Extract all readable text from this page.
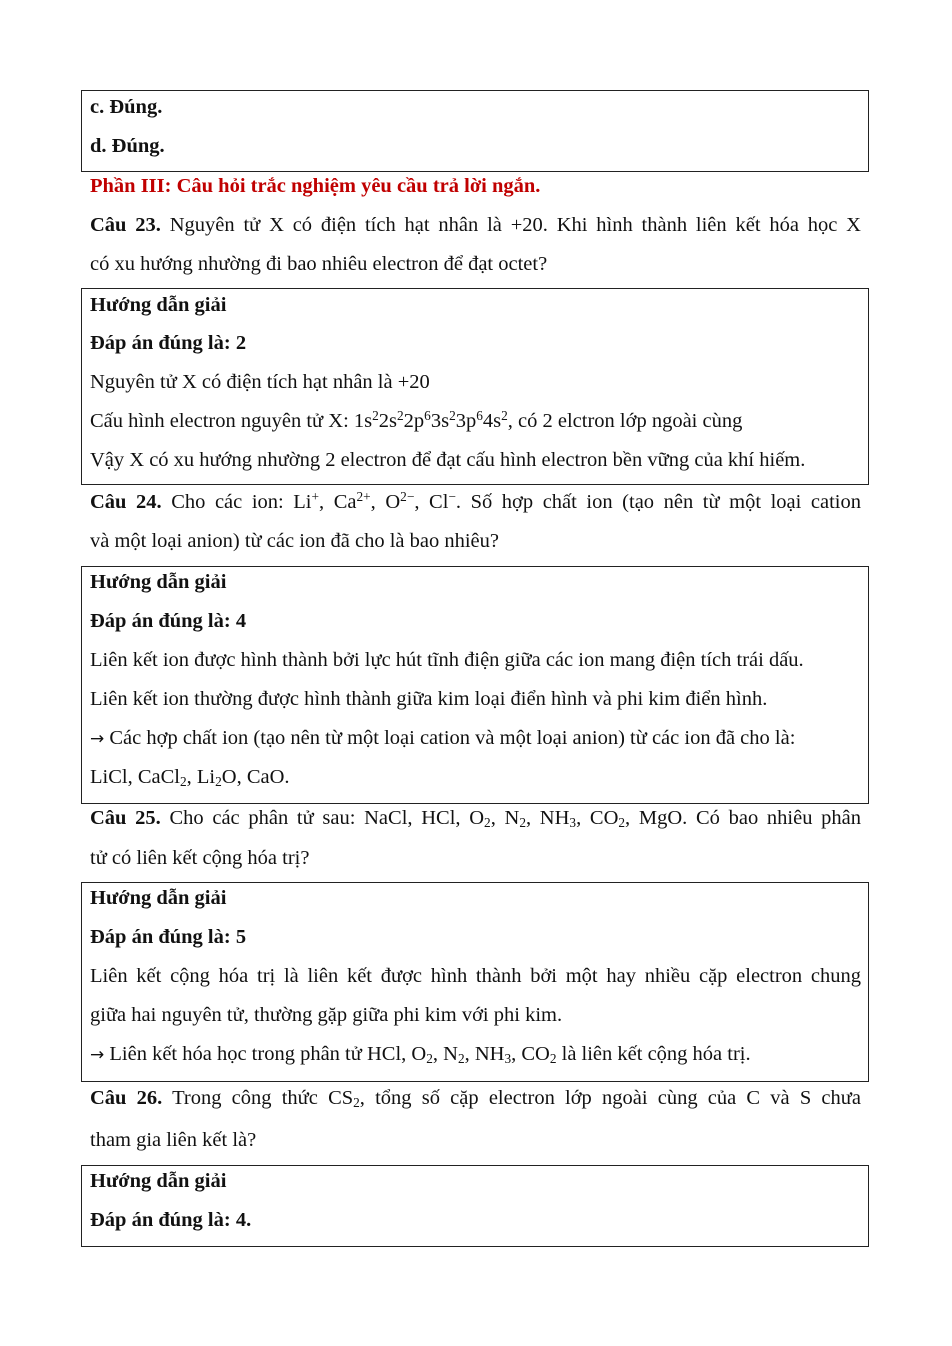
c. Đúng.
d. Đúng.
Phần III: Câu hỏi trắc nghiệm yêu cầu trả lời ngắn.
Câu 23. Nguyên tử X có điện tích hạt nhân là +20. Khi hình thành liên kết hóa học X
có xu hướng nhường đi bao nhiêu electron để đạt octet?
Hướng dẫn giải
Đáp án đúng là: 2
Nguyên tử X có điện tích hạt nhân là +20
Cấu hình electron nguyên tử X: $1s^22s^22p^63s^23p^64s^2$, có 2 elctron lớp ngoài cùng
Vậy X có xu hướng nhường 2 electron để đạt cấu hình electron bền vững của khí hiếm.
Câu 24. Cho các ion: Li+, $Ca^{2+}$, $O^{2-}$, Cl−. Số hợp chất ion (tạo nên từ một loại cation
và một loại anion) từ các ion đã cho là bao nhiêu?
Hướng dẫn giải
Đáp án đúng là: 4
Liên kết ion được hình thành bởi lực hút tĩnh điện giữa các ion mang điện tích trái dấu.
Liên kết ion thường được hình thành giữa kim loại điển hình và phi kim điển hình.
→ Các hợp chất ion (tạo nên từ một loại cation và một loại anion) từ các ion đã cho là:
LiCl, CaCl$_2$, $Li_2O$, CaO.
Câu 25. Cho các phân tử sau: NaCl, HCl, $O_2$, $N_2$, $NH_3$, $CO_2$, MgO. Có bao nhiêu phân
tử có liên kết cộng hóa trị?
Hướng dẫn giải
Đáp án đúng là: 5
Liên kết cộng hóa trị là liên kết được hình thành bởi một hay nhiều cặp electron chung
giữa hai nguyên tử, thường gặp giữa phi kim với phi kim.
→ Liên kết hóa học trong phân tử HCl, $O_2$, $N_2$, $NH_3$, $CO_2$ là liên kết cộng hóa trị.
Câu 26. Trong công thức $CS_2$, tổng số cặp electron lớp ngoài cùng của C và S chưa
tham gia liên kết là?
Hướng dẫn giải
Đáp án đúng là: 4.
